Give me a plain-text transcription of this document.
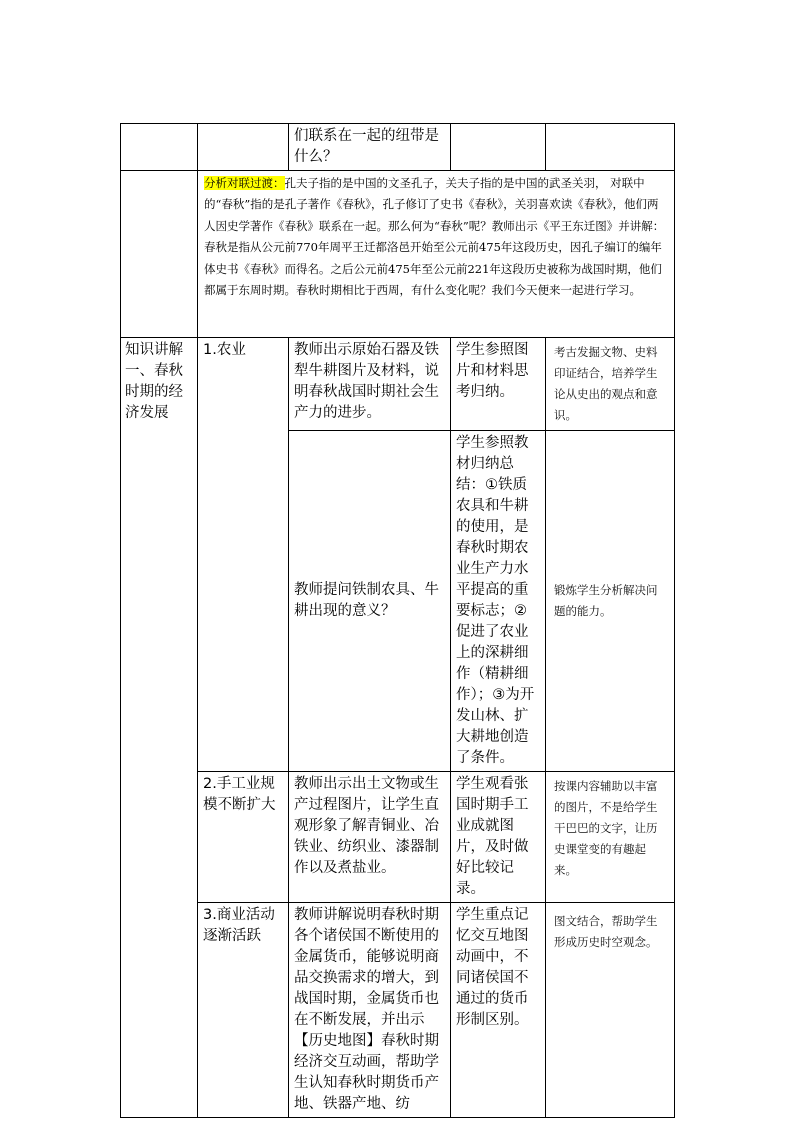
		们联系在一起的纽带是什么？		
	分析对联过渡：孔夫子指的是中国的文圣孔子，关夫子指的是中国的武圣关羽， 对联中的“春秋”指的是孔子著作《春秋》，孔子修订了史书《春秋》，关羽喜欢读《春秋》，他们两人因史学著作《春秋》联系在一起。那么何为“春秋”呢？教师出示《平王东迁图》并讲解：春秋是指从公元前770年周平王迁都洛邑开始至公元前475年这段历史，因孔子编订的编年体史书《春秋》而得名。之后公元前475年至公元前221年这段历史被称为战国时期，他们都属于东周时期。春秋时期相比于西周，有什么变化呢？我们今天便来一起进行学习。			
知识讲解一、春秋时期的经济发展	1.农业	教师出示原始石器及铁犁牛耕图片及材料，说明春秋战国时期社会生产力的进步。	学生参照图片和材料思考归纳。	考古发掘文物、史料印证结合，培养学生论从史出的观点和意识。
		教师提问铁制农具、牛耕出现的意义？	学生参照教材归纳总结：①铁质农具和牛耕的使用，是春秋时期农业生产力水平提高的重要标志；②促进了农业上的深耕细作（精耕细作）；③为开发山林、扩大耕地创造了条件。	锻炼学生分析解决问题的能力。
	2.手工业规模不断扩大	教师出示出土文物或生产过程图片，让学生直观形象了解青铜业、冶铁业、纺织业、漆器制作以及煮盐业。	学生观看张国时期手工业成就图片，及时做好比较记录。	按课内容辅助以丰富的图片，不是给学生干巴巴的文字，让历史课堂变的有趣起来。
	3.商业活动逐渐活跃	教师讲解说明春秋时期各个诸侯国不断使用的金属货币，能够说明商品交换需求的增大，到战国时期，金属货币也在不断发展，并出示【历史地图】春秋时期经济交互动画，帮助学生认知春秋时期货币产地、铁器产地、纺	学生重点记忆交互地图动画中，不同诸侯国不通过的货币形制区别。	图文结合，帮助学生形成历史时空观念。
